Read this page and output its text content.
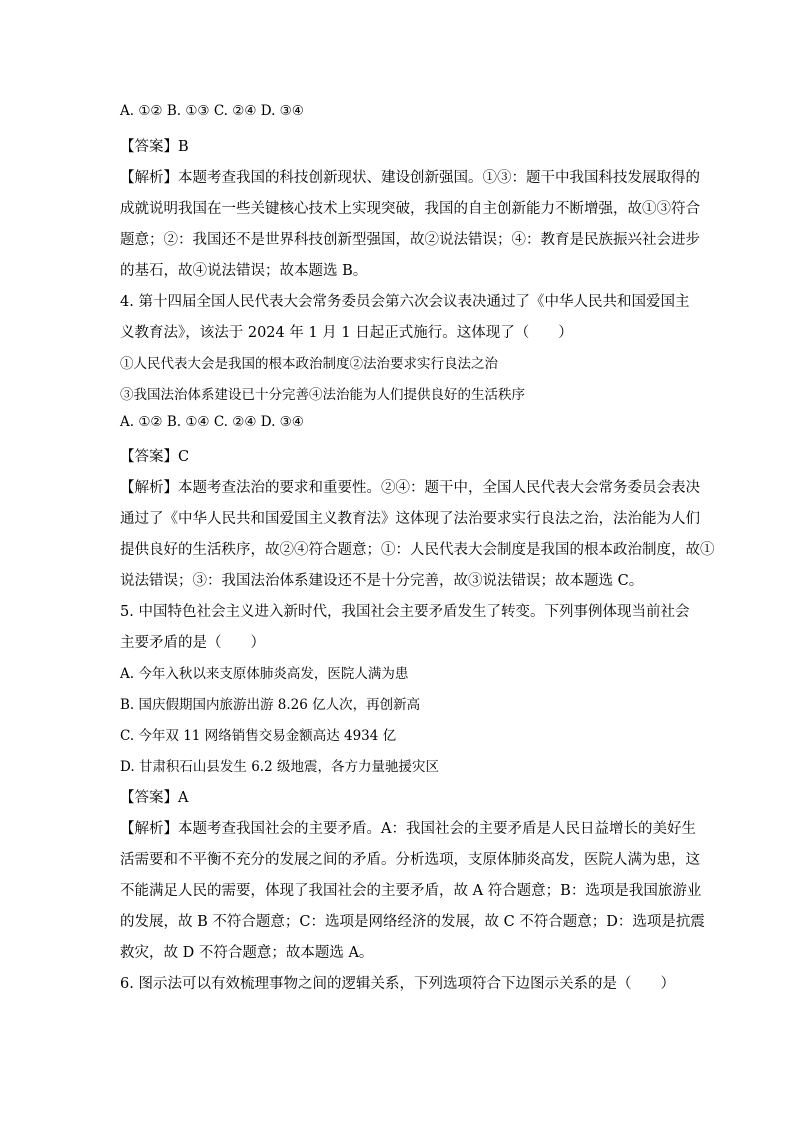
A. ①② B. ①③ C. ②④ D. ③④
【答案】B
【解析】本题考查我国的科技创新现状、建设创新强国。①③：题干中我国科技发展取得的
成就说明我国在一些关键核心技术上实现突破，我国的自主创新能力不断增强，故①③符合
题意；②：我国还不是世界科技创新型强国，故②说法错误；④：教育是民族振兴社会进步
的基石，故④说法错误；故本题选 B。
4. 第十四届全国人民代表大会常务委员会第六次会议表决通过了《中华人民共和国爱国主
义教育法》，该法于 2024 年 1 月 1 日起正式施行。这体现了（　　）
①人民代表大会是我国的根本政治制度②法治要求实行良法之治
③我国法治体系建设已十分完善④法治能为人们提供良好的生活秩序
A. ①② B. ①④ C. ②④ D. ③④
【答案】C
【解析】本题考查法治的要求和重要性。②④：题干中，全国人民代表大会常务委员会表决
通过了《中华人民共和国爱国主义教育法》这体现了法治要求实行良法之治，法治能为人们
提供良好的生活秩序，故②④符合题意；①：人民代表大会制度是我国的根本政治制度，故①
说法错误；③：我国法治体系建设还不是十分完善，故③说法错误；故本题选 C。
5. 中国特色社会主义进入新时代，我国社会主要矛盾发生了转变。下列事例体现当前社会
主要矛盾的是（　　）
A. 今年入秋以来支原体肺炎高发，医院人满为患
B. 国庆假期国内旅游出游 8.26 亿人次，再创新高
C. 今年双 11 网络销售交易金额高达 4934 亿
D. 甘肃积石山县发生 6.2 级地震，各方力量驰援灾区
【答案】A
【解析】本题考查我国社会的主要矛盾。A：我国社会的主要矛盾是人民日益增长的美好生
活需要和不平衡不充分的发展之间的矛盾。分析选项，支原体肺炎高发，医院人满为患，这
不能满足人民的需要，体现了我国社会的主要矛盾，故 A 符合题意；B：选项是我国旅游业
的发展，故 B 不符合题意；C：选项是网络经济的发展，故 C 不符合题意；D：选项是抗震
救灾，故 D 不符合题意；故本题选 A。
6. 图示法可以有效梳理事物之间的逻辑关系，下列选项符合下边图示关系的是（　　）
